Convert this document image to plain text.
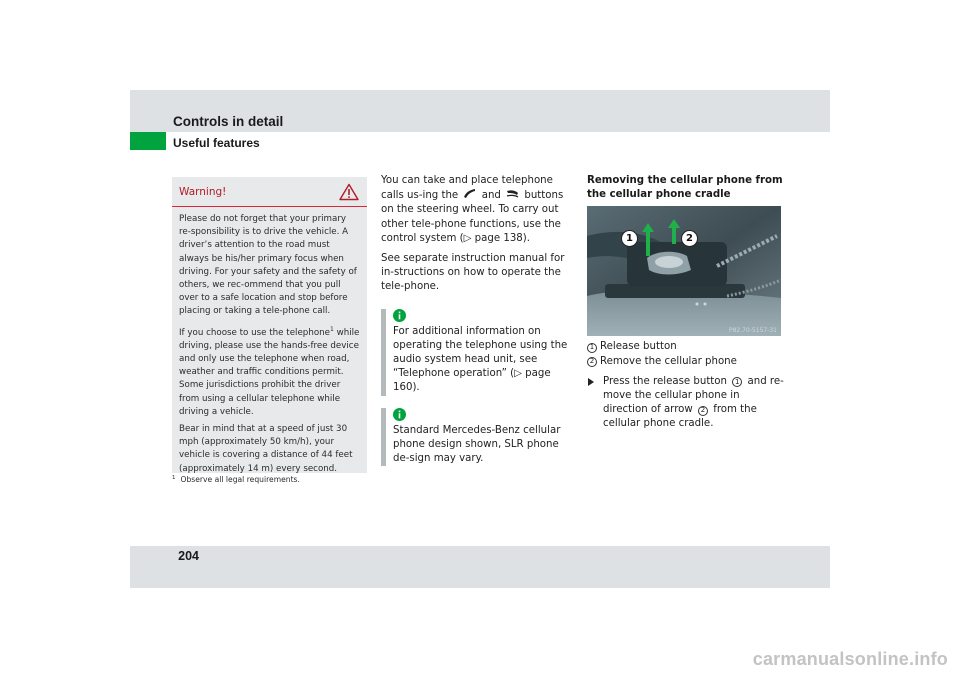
Controls in detail
Useful features
Warning!

Please do not forget that your primary re-sponsibility is to drive the vehicle. A driver’s attention to the road must always be his/her primary focus when driving. For your safety and the safety of others, we rec-ommend that you pull over to a safe location and stop before placing or taking a tele-phone call.

If you choose to use the telephone$^1$ while driving, please use the hands-free device and only use the telephone when road, weather and traffic conditions permit. Some jurisdictions prohibit the driver from using a cellular telephone while driving a vehicle.

Bear in mind that at a speed of just 30 mph (approximately 50 km/h), your vehicle is covering a distance of 44 feet (approximately 14 m) every second.

$^1$ Observe all legal requirements.

You can take and place telephone calls us-ing the and buttons on the steering wheel. To carry out other tele-phone functions, use the control system (▷ page 138).

See separate instruction manual for in-structions on how to operate the tele-phone.

For additional information on operating the telephone using the audio system head unit, see “Telephone operation” (▷ page 160).

Standard Mercedes-Benz cellular phone design shown, SLR phone de-sign may vary.

Removing the cellular phone from the cellular phone cradle
1	2
P82.70-5157-31
1 Release button
2 Remove the cellular phone
Press the release button 1 and re-move the cellular phone in direction of arrow 2 from the cellular phone cradle.
204
carmanualsonline.info
